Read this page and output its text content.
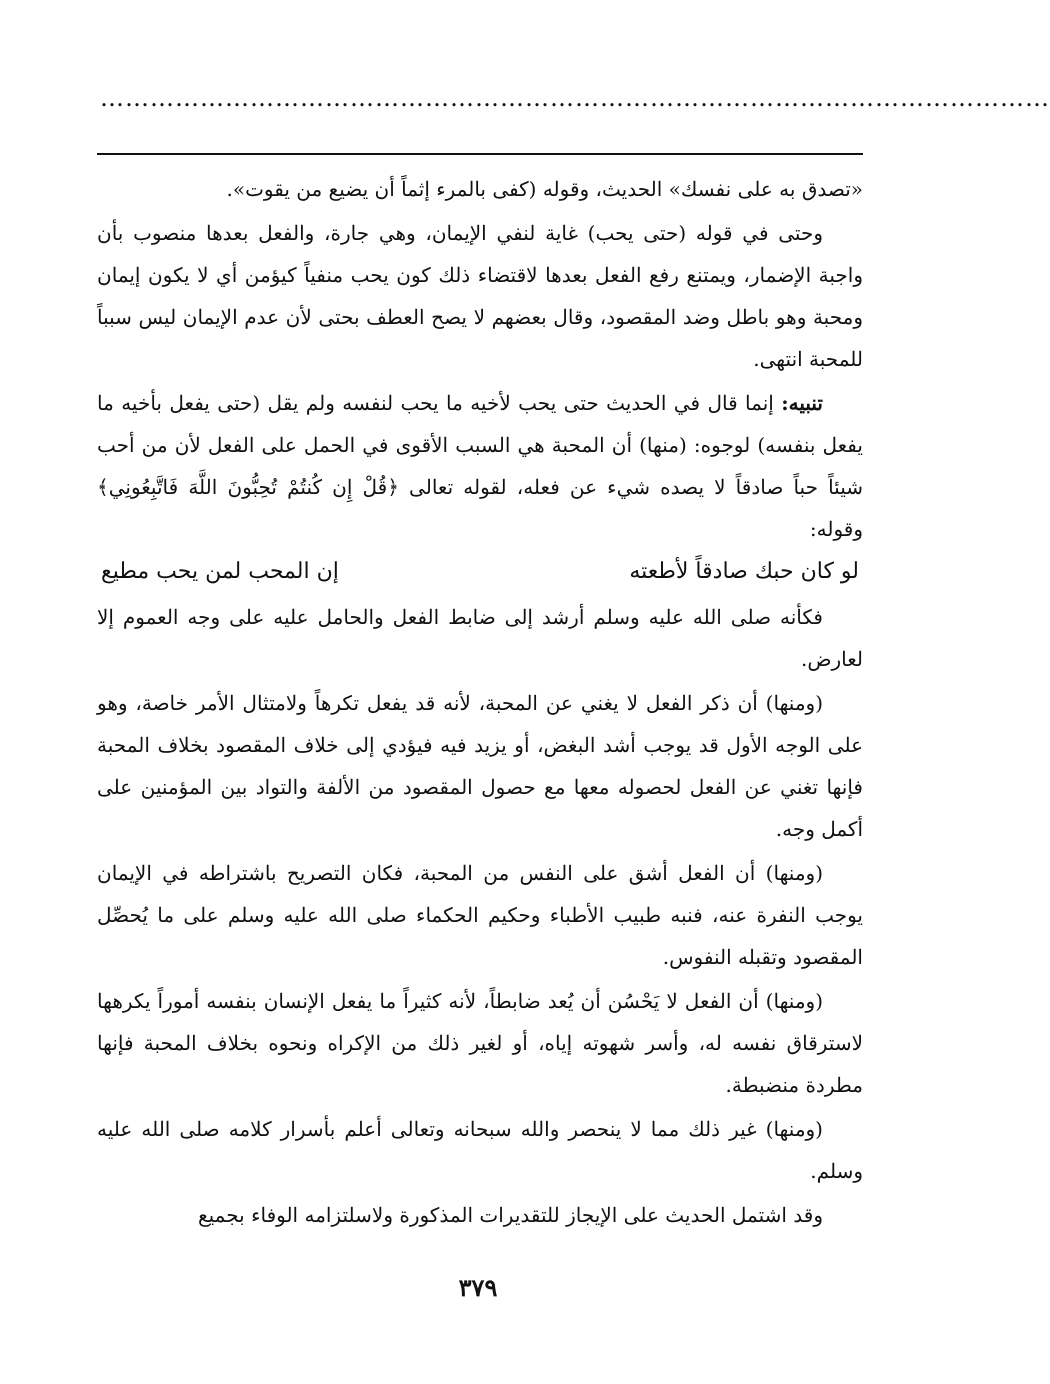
……………………………………………………………………………………………………

«تصدق به على نفسك» الحديث، وقوله (كفى بالمرء إثماً أن يضيع من يقوت».

وحتى في قوله (حتى يحب) غاية لنفي الإيمان، وهي جارة، والفعل بعدها منصوب بأن واجبة الإضمار، ويمتنع رفع الفعل بعدها لاقتضاء ذلك كون يحب منفياً كيؤمن أي لا يكون إيمان ومحبة وهو باطل وضد المقصود، وقال بعضهم لا يصح العطف بحتى لأن عدم الإيمان ليس سبباً للمحبة انتهى.

تنبيه: إنما قال في الحديث حتى يحب لأخيه ما يحب لنفسه ولم يقل (حتى يفعل بأخيه ما يفعل بنفسه) لوجوه: (منها) أن المحبة هي السبب الأقوى في الحمل على الفعل لأن من أحب شيئاً حباً صادقاً لا يصده شيء عن فعله، لقوله تعالى ﴿قُلْ إِن كُنتُمْ تُحِبُّونَ اللَّهَ فَاتَّبِعُونِي﴾ وقوله:

لو كان حبك صادقاً لأطعته
إن المحب لمن يحب مطيع

فكأنه صلى الله عليه وسلم أرشد إلى ضابط الفعل والحامل عليه على وجه العموم إلا لعارض.

(ومنها) أن ذكر الفعل لا يغني عن المحبة، لأنه قد يفعل تكرهاً ولامتثال الأمر خاصة، وهو على الوجه الأول قد يوجب أشد البغض، أو يزيد فيه فيؤدي إلى خلاف المقصود بخلاف المحبة فإنها تغني عن الفعل لحصوله معها مع حصول المقصود من الألفة والتواد بين المؤمنين على أكمل وجه.

(ومنها) أن الفعل أشق على النفس من المحبة، فكان التصريح باشتراطه في الإيمان يوجب النفرة عنه، فنبه طبيب الأطباء وحكيم الحكماء صلى الله عليه وسلم على ما يُحصِّل المقصود وتقبله النفوس.

(ومنها) أن الفعل لا يَحْسُن أن يُعد ضابطاً، لأنه كثيراً ما يفعل الإنسان بنفسه أموراً يكرهها لاسترقاق نفسه له، وأسر شهوته إياه، أو لغير ذلك من الإكراه ونحوه بخلاف المحبة فإنها مطردة منضبطة.

(ومنها) غير ذلك مما لا ينحصر والله سبحانه وتعالى أعلم بأسرار كلامه صلى الله عليه وسلم.

وقد اشتمل الحديث على الإيجاز للتقديرات المذكورة ولاسلتزامه الوفاء بجميع

٣٧٩
